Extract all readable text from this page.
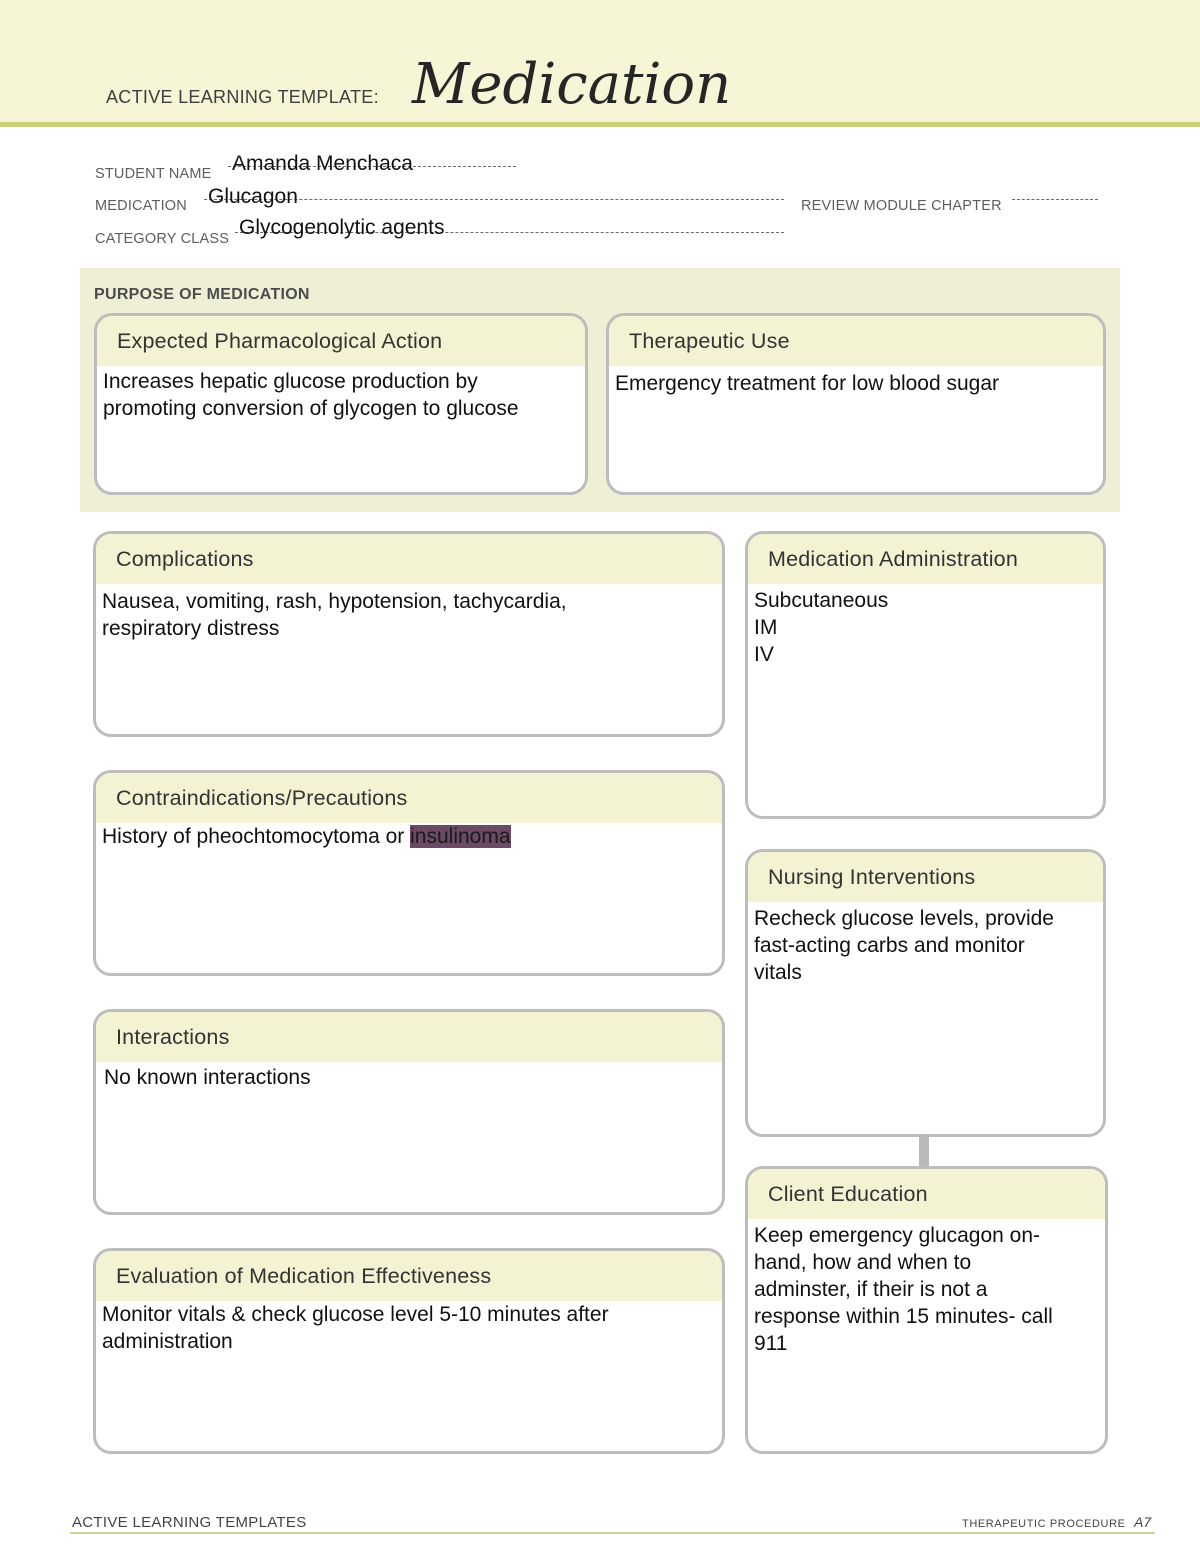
ACTIVE LEARNING TEMPLATE: Medication
STUDENT NAME Amanda Menchaca
MEDICATION Glucagon	REVIEW MODULE CHAPTER
CATEGORY CLASS Glycogenolytic agents
PURPOSE OF MEDICATION
Expected Pharmacological Action
Increases hepatic glucose production by
promoting conversion of glycogen to glucose
Therapeutic Use
Emergency treatment for low blood sugar
Complications
Nausea, vomiting, rash, hypotension, tachycardia,
respiratory distress
Contraindications/Precautions
History of pheochtomocytoma or insulinoma
Interactions
No known interactions
Evaluation of Medication Effectiveness
Monitor vitals & check glucose level 5-10 minutes after
administration
Medication Administration
Subcutaneous
IM
IV
Nursing Interventions
Recheck glucose levels, provide
fast-acting carbs and monitor
vitals
Client Education
Keep emergency glucagon on-
hand, how and when to
adminster, if their is not a
response within 15 minutes- call
911
ACTIVE LEARNING TEMPLATES	THERAPEUTIC PROCEDURE A7
